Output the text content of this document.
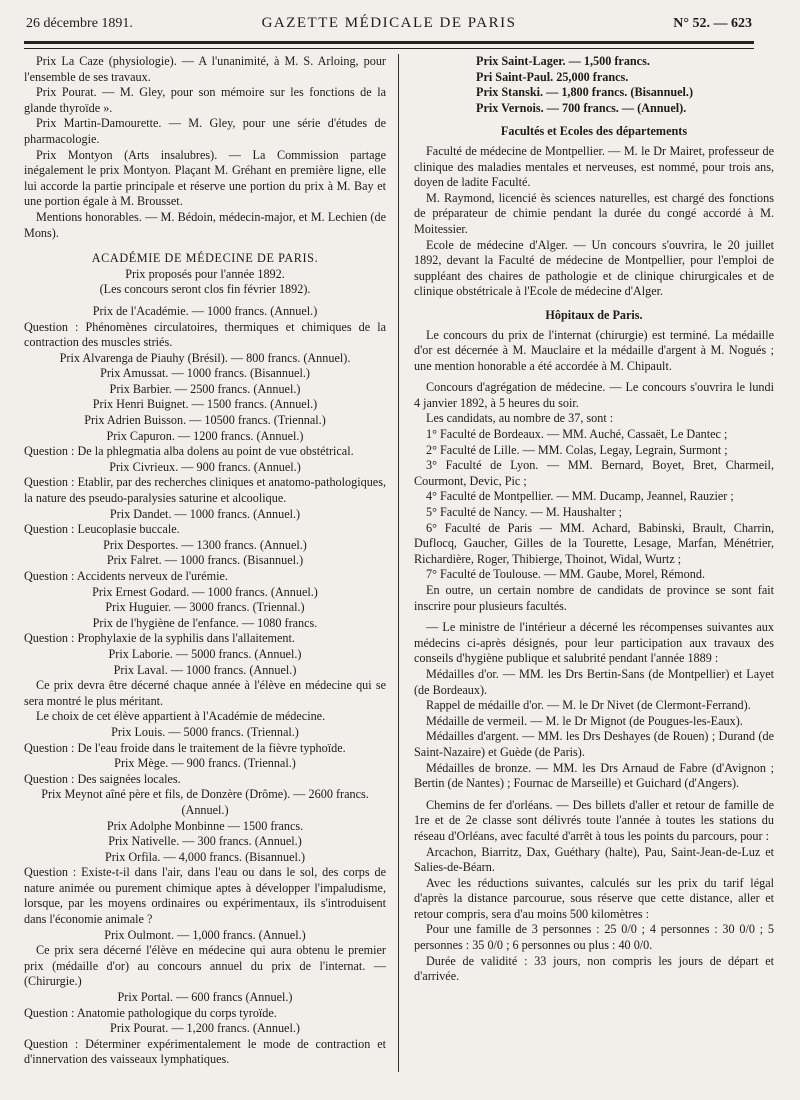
26 décembre 1891.	GAZETTE MÉDICALE DE PARIS	N° 52. — 623

Prix La Caze (physiologie). — A l'unanimité, à M. S. Arloing, pour l'ensemble de ses travaux.

Prix Pourat. — M. Gley, pour son mémoire sur les fonctions de la glande thyroïde ».

Prix Martin-Damourette. — M. Gley, pour une série d'études de pharmacologie.

Prix Montyon (Arts insalubres). — La Commission partage inégalement le prix Montyon. Plaçant M. Gréhant en première ligne, elle lui accorde la partie principale et réserve une portion du prix à M. Bay et une portion égale à M. Brousset.

Mentions honorables. — M. Bédoin, médecin-major, et M. Lechien (de Mons).

ACADÉMIE DE MÉDECINE DE PARIS.

Prix proposés pour l'année 1892.

(Les concours seront clos fin février 1892).

Prix de l'Académie. — 1000 francs. (Annuel.)

Question : Phénomènes circulatoires, thermiques et chimiques de la contraction des muscles striés.

Prix Alvarenga de Piauhy (Brésil). — 800 francs. (Annuel).

Prix Amussat. — 1000 francs. (Bisannuel.)

Prix Barbier. — 2500 francs. (Annuel.)

Prix Henri Buignet. — 1500 francs. (Annuel.)

Prix Adrien Buisson. — 10500 francs. (Triennal.)

Prix Capuron. — 1200 francs. (Annuel.)

Question : De la phlegmatia alba dolens au point de vue obstétrical.

Prix Civrieux. — 900 francs. (Annuel.)

Question : Etablir, par des recherches cliniques et anatomo-pathologiques, la nature des pseudo-paralysies saturine et alcoolique.

Prix Dandet. — 1000 francs. (Annuel.)

Question : Leucoplasie buccale.

Prix Desportes. — 1300 francs. (Annuel.)

Prix Falret. — 1000 francs. (Bisannuel.)

Question : Accidents nerveux de l'urémie.

Prix Ernest Godard. — 1000 francs. (Annuel.)

Prix Huguier. — 3000 francs. (Triennal.)

Prix de l'hygiène de l'enfance. — 1080 francs.

Question : Prophylaxie de la syphilis dans l'allaitement.

Prix Laborie. — 5000 francs. (Annuel.)

Prix Laval. — 1000 francs. (Annuel.)

Ce prix devra être décerné chaque année à l'élève en médecine qui se sera montré le plus méritant.

Le choix de cet élève appartient à l'Académie de médecine.

Prix Louis. — 5000 francs. (Triennal.)

Question : De l'eau froide dans le traitement de la fièvre typhoïde.

Prix Mège. — 900 francs. (Triennal.)

Question : Des saignées locales.

Prix Meynot aîné père et fils, de Donzère (Drôme). — 2600 francs. (Annuel.)

Prix Adolphe Monbinne — 1500 francs.

Prix Nativelle. — 300 francs. (Annuel.)

Prix Orfila. — 4,000 francs. (Bisannuel.)

Question : Existe-t-il dans l'air, dans l'eau ou dans le sol, des corps de nature animée ou purement chimique aptes à développer l'impaludisme, lorsque, par les moyens ordinaires ou expérimentaux, ils s'introduisent dans l'économie animale ?

Prix Oulmont. — 1,000 francs. (Annuel.)

Ce prix sera décerné l'élève en médecine qui aura obtenu le premier prix (médaille d'or) au concours annuel du prix de l'internat. — (Chirurgie.)

Prix Portal. — 600 francs (Annuel.)

Question : Anatomie pathologique du corps tyroïde.

Prix Pourat. — 1,200 francs. (Annuel.)

Question : Déterminer expérimentalement le mode de contraction et d'innervation des vaisseaux lymphatiques.

Prix Saint-Lager. — 1,500 francs.

Pri Saint-Paul. 25,000 francs.

Prix Stanski. — 1,800 francs. (Bisannuel.)

Prix Vernois. — 700 francs. — (Annuel).

Facultés et Ecoles des départements

Faculté de médecine de Montpellier. — M. le Dr Mairet, professeur de clinique des maladies mentales et nerveuses, est nommé, pour trois ans, doyen de ladite Faculté.

M. Raymond, licencié ès sciences naturelles, est chargé des fonctions de préparateur de chimie pendant la durée du congé accordé à M. Moitessier.

Ecole de médecine d'Alger. — Un concours s'ouvrira, le 20 juillet 1892, devant la Faculté de médecine de Montpellier, pour l'emploi de suppléant des chaires de pathologie et de clinique chirurgicales et de clinique obstétricale à l'Ecole de médecine d'Alger.

Hôpitaux de Paris.

Le concours du prix de l'internat (chirurgie) est terminé. La médaille d'or est décernée à M. Mauclaire et la médaille d'argent à M. Nogués ; une mention honorable a été accordée à M. Chipault.

Concours d'agrégation de médecine. — Le concours s'ouvrira le lundi 4 janvier 1892, à 5 heures du soir.

Les candidats, au nombre de 37, sont :

1° Faculté de Bordeaux. — MM. Auché, Cassaët, Le Dantec ;

2° Faculté de Lille. — MM. Colas, Legay, Legrain, Surmont ;

3° Faculté de Lyon. — MM. Bernard, Boyet, Bret, Charmeil, Courmont, Devic, Pic ;

4° Faculté de Montpellier. — MM. Ducamp, Jeannel, Rauzier ;

5° Faculté de Nancy. — M. Haushalter ;

6° Faculté de Paris — MM. Achard, Babinski, Brault, Charrin, Duflocq, Gaucher, Gilles de la Tourette, Lesage, Marfan, Ménétrier, Richardière, Roger, Thibierge, Thoinot, Widal, Wurtz ;

7° Faculté de Toulouse. — MM. Gaube, Morel, Rémond.

En outre, un certain nombre de candidats de province se sont fait inscrire pour plusieurs facultés.

— Le ministre de l'intérieur a décerné les récompenses suivantes aux médecins ci-après désignés, pour leur participation aux travaux des conseils d'hygiène publique et salubrité pendant l'année 1889 :

Médailles d'or. — MM. les Drs Bertin-Sans (de Montpellier) et Layet (de Bordeaux).

Rappel de médaille d'or. — M. le Dr Nivet (de Clermont-Ferrand).

Médaille de vermeil. — M. le Dr Mignot (de Pougues-les-Eaux).

Médailles d'argent. — MM. les Drs Deshayes (de Rouen) ; Durand (de Saint-Nazaire) et Guède (de Paris).

Médailles de bronze. — MM. les Drs Arnaud de Fabre (d'Avignon ; Bertin (de Nantes) ; Fournac de Marseille) et Guichard (d'Angers).

Chemins de fer d'orléans. — Des billets d'aller et retour de famille de 1re et de 2e classe sont délivrés toute l'année à toutes les stations du réseau d'Orléans, avec faculté d'arrêt à tous les points du parcours, pour :

Arcachon, Biarritz, Dax, Guéthary (halte), Pau, Saint-Jean-de-Luz et Salies-de-Béarn.

Avec les réductions suivantes, calculés sur les prix du tarif légal d'après la distance parcourue, sous réserve que cette distance, aller et retour compris, sera d'au moins 500 kilomètres :

Pour une famille de 3 personnes : 25 0/0 ; 4 personnes : 30 0/0 ; 5 personnes : 35 0/0 ; 6 personnes ou plus : 40 0/0.

Durée de validité : 33 jours, non compris les jours de départ et d'arrivée.
